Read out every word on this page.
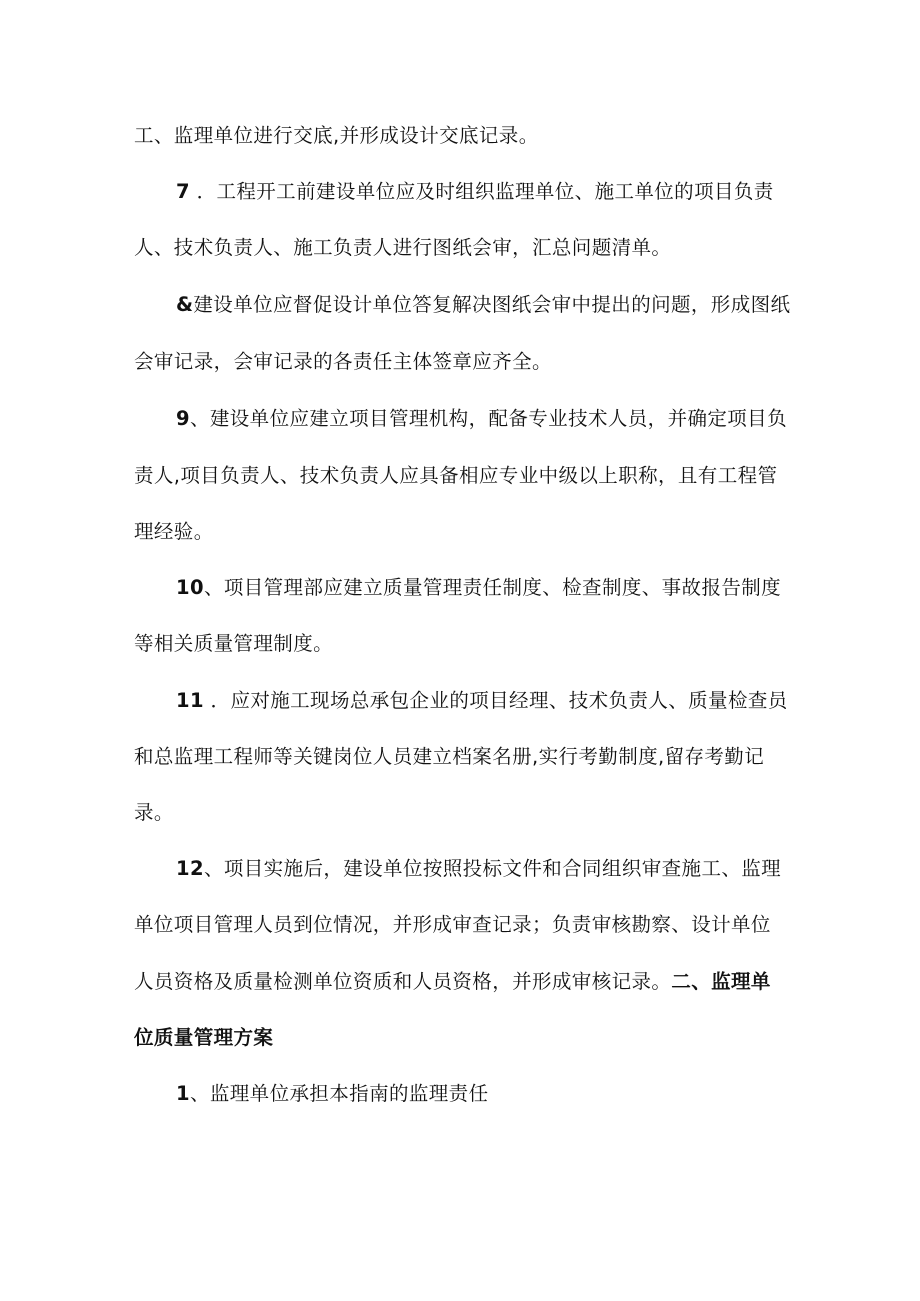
工、监理单位进行交底,并形成设计交底记录。
7 ．工程开工前建设单位应及时组织监理单位、施工单位的项目负责
人、技术负责人、施工负责人进行图纸会审，汇总问题清单。
&建设单位应督促设计单位答复解决图纸会审中提出的问题，形成图纸
会审记录，会审记录的各责任主体签章应齐全。
9、建设单位应建立项目管理机构，配备专业技术人员，并确定项目负
责人,项目负责人、技术负责人应具备相应专业中级以上职称，且有工程管
理经验。
10、项目管理部应建立质量管理责任制度、检查制度、事故报告制度
等相关质量管理制度。
11 ．应对施工现场总承包企业的项目经理、技术负责人、质量检查员
和总监理工程师等关键岗位人员建立档案名册,实行考勤制度,留存考勤记
录。
12、项目实施后，建设单位按照投标文件和合同组织审查施工、监理
单位项目管理人员到位情况，并形成审查记录；负责审核勘察、设计单位
人员资格及质量检测单位资质和人员资格，并形成审核记录。二、监理单
位质量管理方案
1、监理单位承担本指南的监理责任
